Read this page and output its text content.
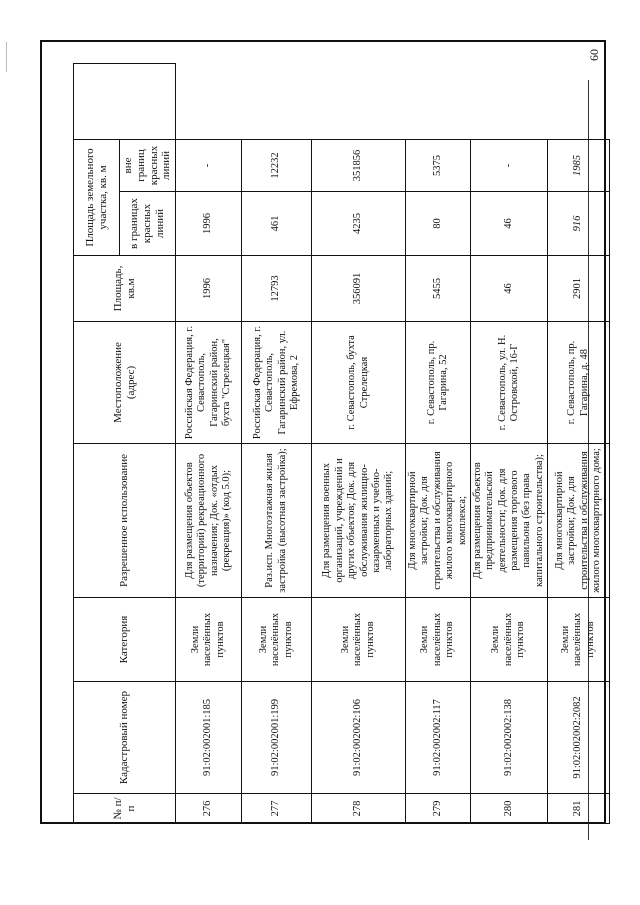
60
№ п/п	Кадастровый номер	Категория	Разрешенное использование	Местоположение (адрес)	Площадь, кв.м	Площадь земельного участка, кв. м		
						в границах красных линий	вне границ красных линий	
276	91:02:002001:185	Земли населённых пунктов	Для размещения объектов (территорий) рекреационного назначения; Док. «отдых (рекреация)» (код 5.0);	Российская Федерация, г. Севастополь, Гагаринский район, бухта "Стрелецкая"	1996	1996	-	
277	91:02:002001:199	Земли населённых пунктов	Раз.исп. Многоэтажная жилая застройка (высотная застройка);	Российская Федерация, г. Севастополь, Гагаринский район, ул. Ефремова, 2	12793	461	12232	
278	91:02:002002:106	Земли населённых пунктов	Для размещения военных организаций, учреждений и других объектов; Док. для обслуживания жилищно-казарменных и учебно-лабораторных зданий;	г. Севастополь, бухта Стрелецкая	356091	4235	351856	
279	91:02:002002:117	Земли населённых пунктов	Для многоквартирной застройки; Док. для строительства и обслуживания жилого многоквартирного комплекса;	г. Севастополь, пр. Гагарина, 52	5455	80	5375	
280	91:02:002002:138	Земли населённых пунктов	Для размещения объектов предпринимательской деятельности; Док. для размещения торгового павильона (без права капитального строительства);	г. Севастополь, ул. Н. Островской, 16-Г	46	46	-	
281	91:02:002002:2082	Земли населённых пунктов	Для многоквартирной застройки; Док. для строительства и обслуживания жилого многоквартирного дома;	г. Севастополь, пр. Гагарина, д. 48	2901	916	1985	
